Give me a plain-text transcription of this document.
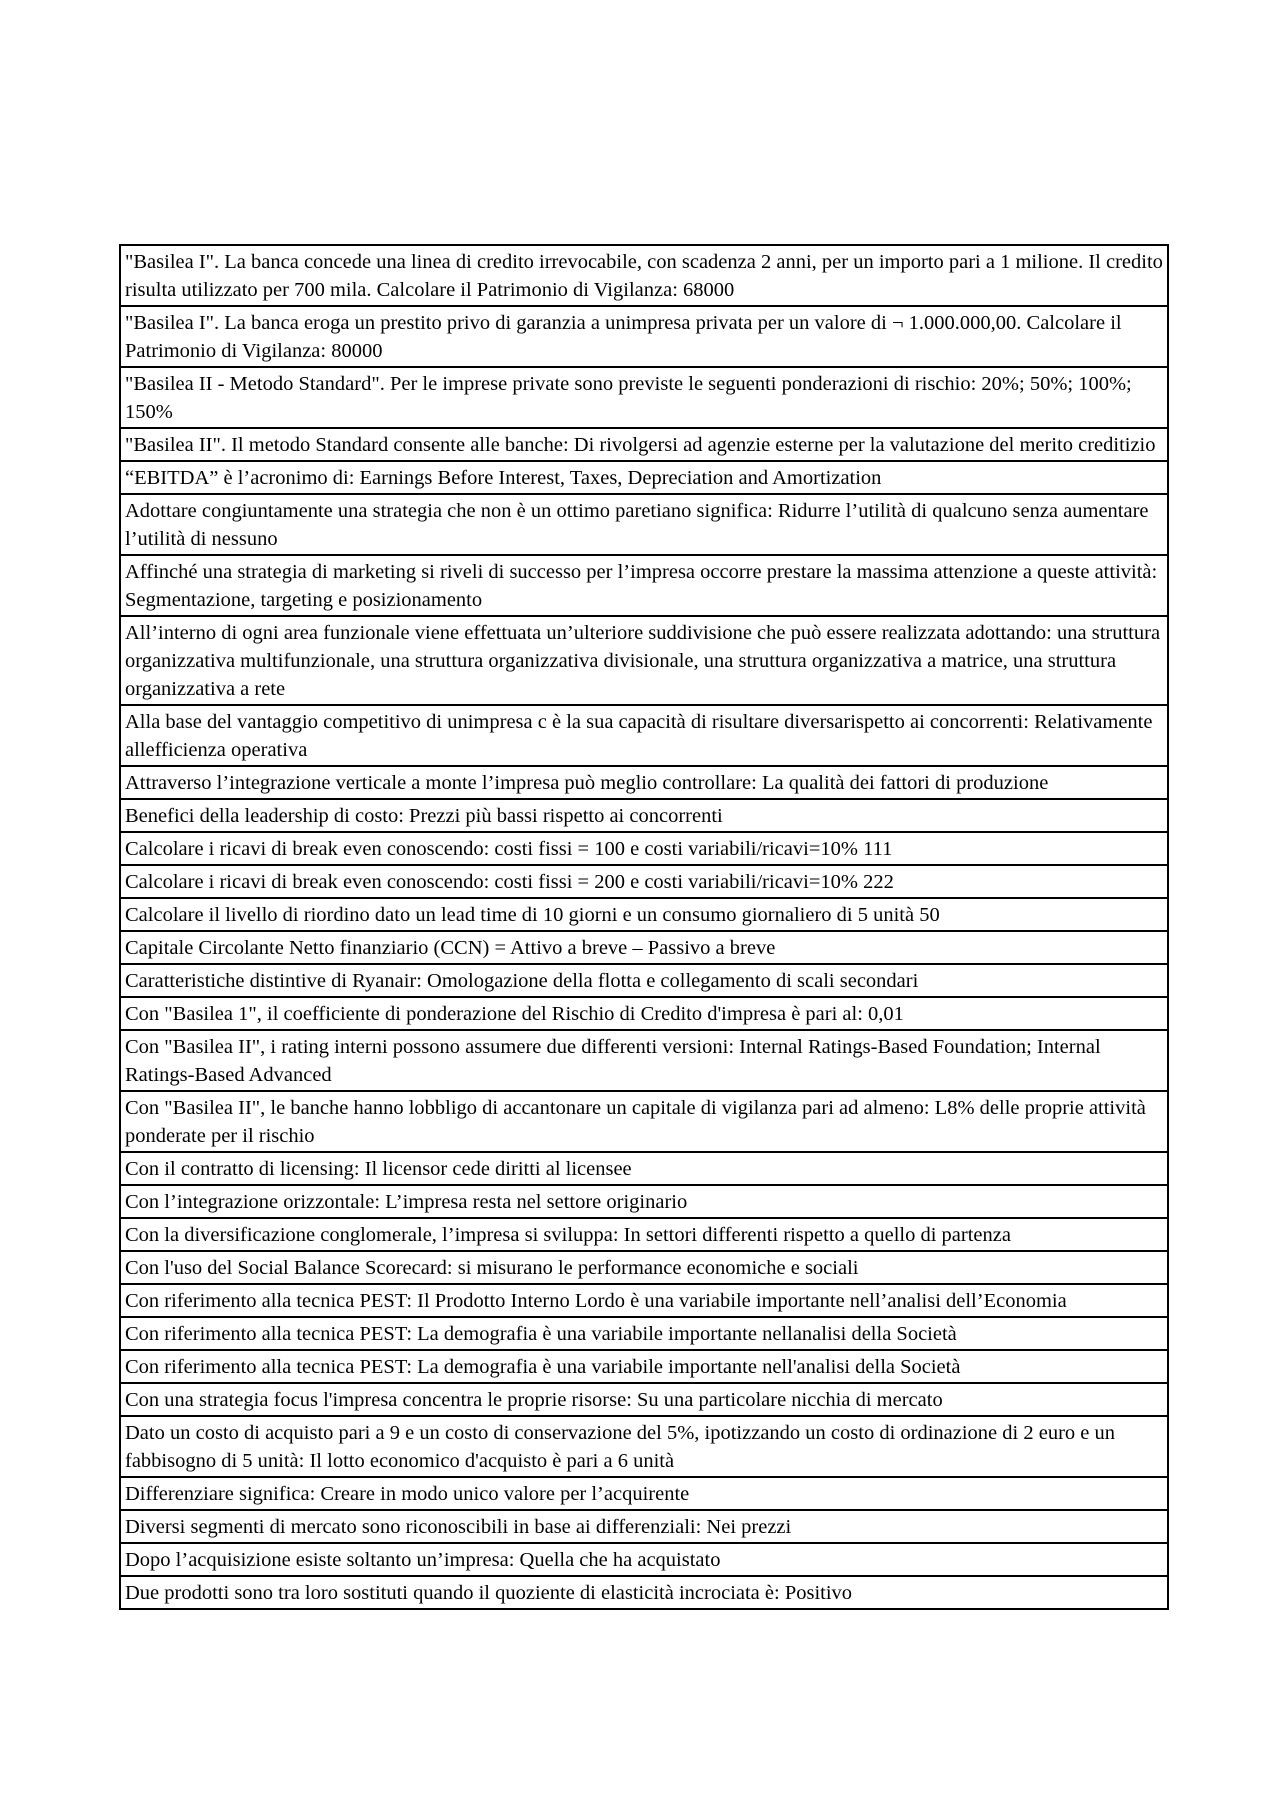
"Basilea I". La banca concede una linea di credito irrevocabile, con scadenza 2 anni, per un importo pari a 1 milione. Il credito risulta utilizzato per 700 mila. Calcolare il Patrimonio di Vigilanza: 68000
"Basilea I". La banca eroga un prestito privo di garanzia a unimpresa privata per un valore di ¬ 1.000.000,00. Calcolare il Patrimonio di Vigilanza: 80000
"Basilea II - Metodo Standard". Per le imprese private sono previste le seguenti ponderazioni di rischio: 20%; 50%; 100%; 150%
"Basilea II". Il metodo Standard consente alle banche: Di rivolgersi ad agenzie esterne per la valutazione del merito creditizio
“EBITDA” è l’acronimo di: Earnings Before Interest, Taxes, Depreciation and Amortization
Adottare congiuntamente una strategia che non è un ottimo paretiano significa: Ridurre l’utilità di qualcuno senza aumentare l’utilità di nessuno
Affinché una strategia di marketing si riveli di successo per l’impresa occorre prestare la massima attenzione a queste attività: Segmentazione, targeting e posizionamento
All’interno di ogni area funzionale viene effettuata un’ulteriore suddivisione che può essere realizzata adottando: una struttura organizzativa multifunzionale, una struttura organizzativa divisionale, una struttura organizzativa a matrice, una struttura organizzativa a rete
Alla base del vantaggio competitivo di unimpresa c è la sua capacità di risultare diversarispetto ai concorrenti: Relativamente allefficienza operativa
Attraverso l’integrazione verticale a monte l’impresa può meglio controllare: La qualità dei fattori di produzione
Benefici della leadership di costo: Prezzi più bassi rispetto ai concorrenti
Calcolare i ricavi di break even conoscendo: costi fissi = 100 e costi variabili/ricavi=10% 111
Calcolare i ricavi di break even conoscendo: costi fissi = 200 e costi variabili/ricavi=10% 222
Calcolare il livello di riordino dato un lead time di 10 giorni e un consumo giornaliero di 5 unità 50
Capitale Circolante Netto finanziario (CCN) = Attivo a breve – Passivo a breve
Caratteristiche distintive di Ryanair: Omologazione della flotta e collegamento di scali secondari
Con "Basilea 1", il coefficiente di ponderazione del Rischio di Credito d'impresa è pari al: 0,01
Con "Basilea II", i rating interni possono assumere due differenti versioni: Internal Ratings-Based Foundation; Internal Ratings-Based Advanced
Con "Basilea II", le banche hanno lobbligo di accantonare un capitale di vigilanza pari ad almeno: L8% delle proprie attività ponderate per il rischio
Con il contratto di licensing: Il licensor cede diritti al licensee
Con l’integrazione orizzontale: L’impresa resta nel settore originario
Con la diversificazione conglomerale, l’impresa si sviluppa: In settori differenti rispetto a quello di partenza
Con l'uso del Social Balance Scorecard: si misurano le performance economiche e sociali
Con riferimento alla tecnica PEST: Il Prodotto Interno Lordo è una variabile importante nell’analisi dell’Economia
Con riferimento alla tecnica PEST: La demografia è una variabile importante nellanalisi della Società
Con riferimento alla tecnica PEST: La demografia è una variabile importante nell'analisi della Società
Con una strategia focus l'impresa concentra le proprie risorse: Su una particolare nicchia di mercato
Dato un costo di acquisto pari a 9 e un costo di conservazione del 5%, ipotizzando un costo di ordinazione di 2 euro e un fabbisogno di 5 unità: Il lotto economico d'acquisto è pari a 6 unità
Differenziare significa: Creare in modo unico valore per l’acquirente
Diversi segmenti di mercato sono riconoscibili in base ai differenziali: Nei prezzi
Dopo l’acquisizione esiste soltanto un’impresa: Quella che ha acquistato
Due prodotti sono tra loro sostituti quando il quoziente di elasticità incrociata è: Positivo
